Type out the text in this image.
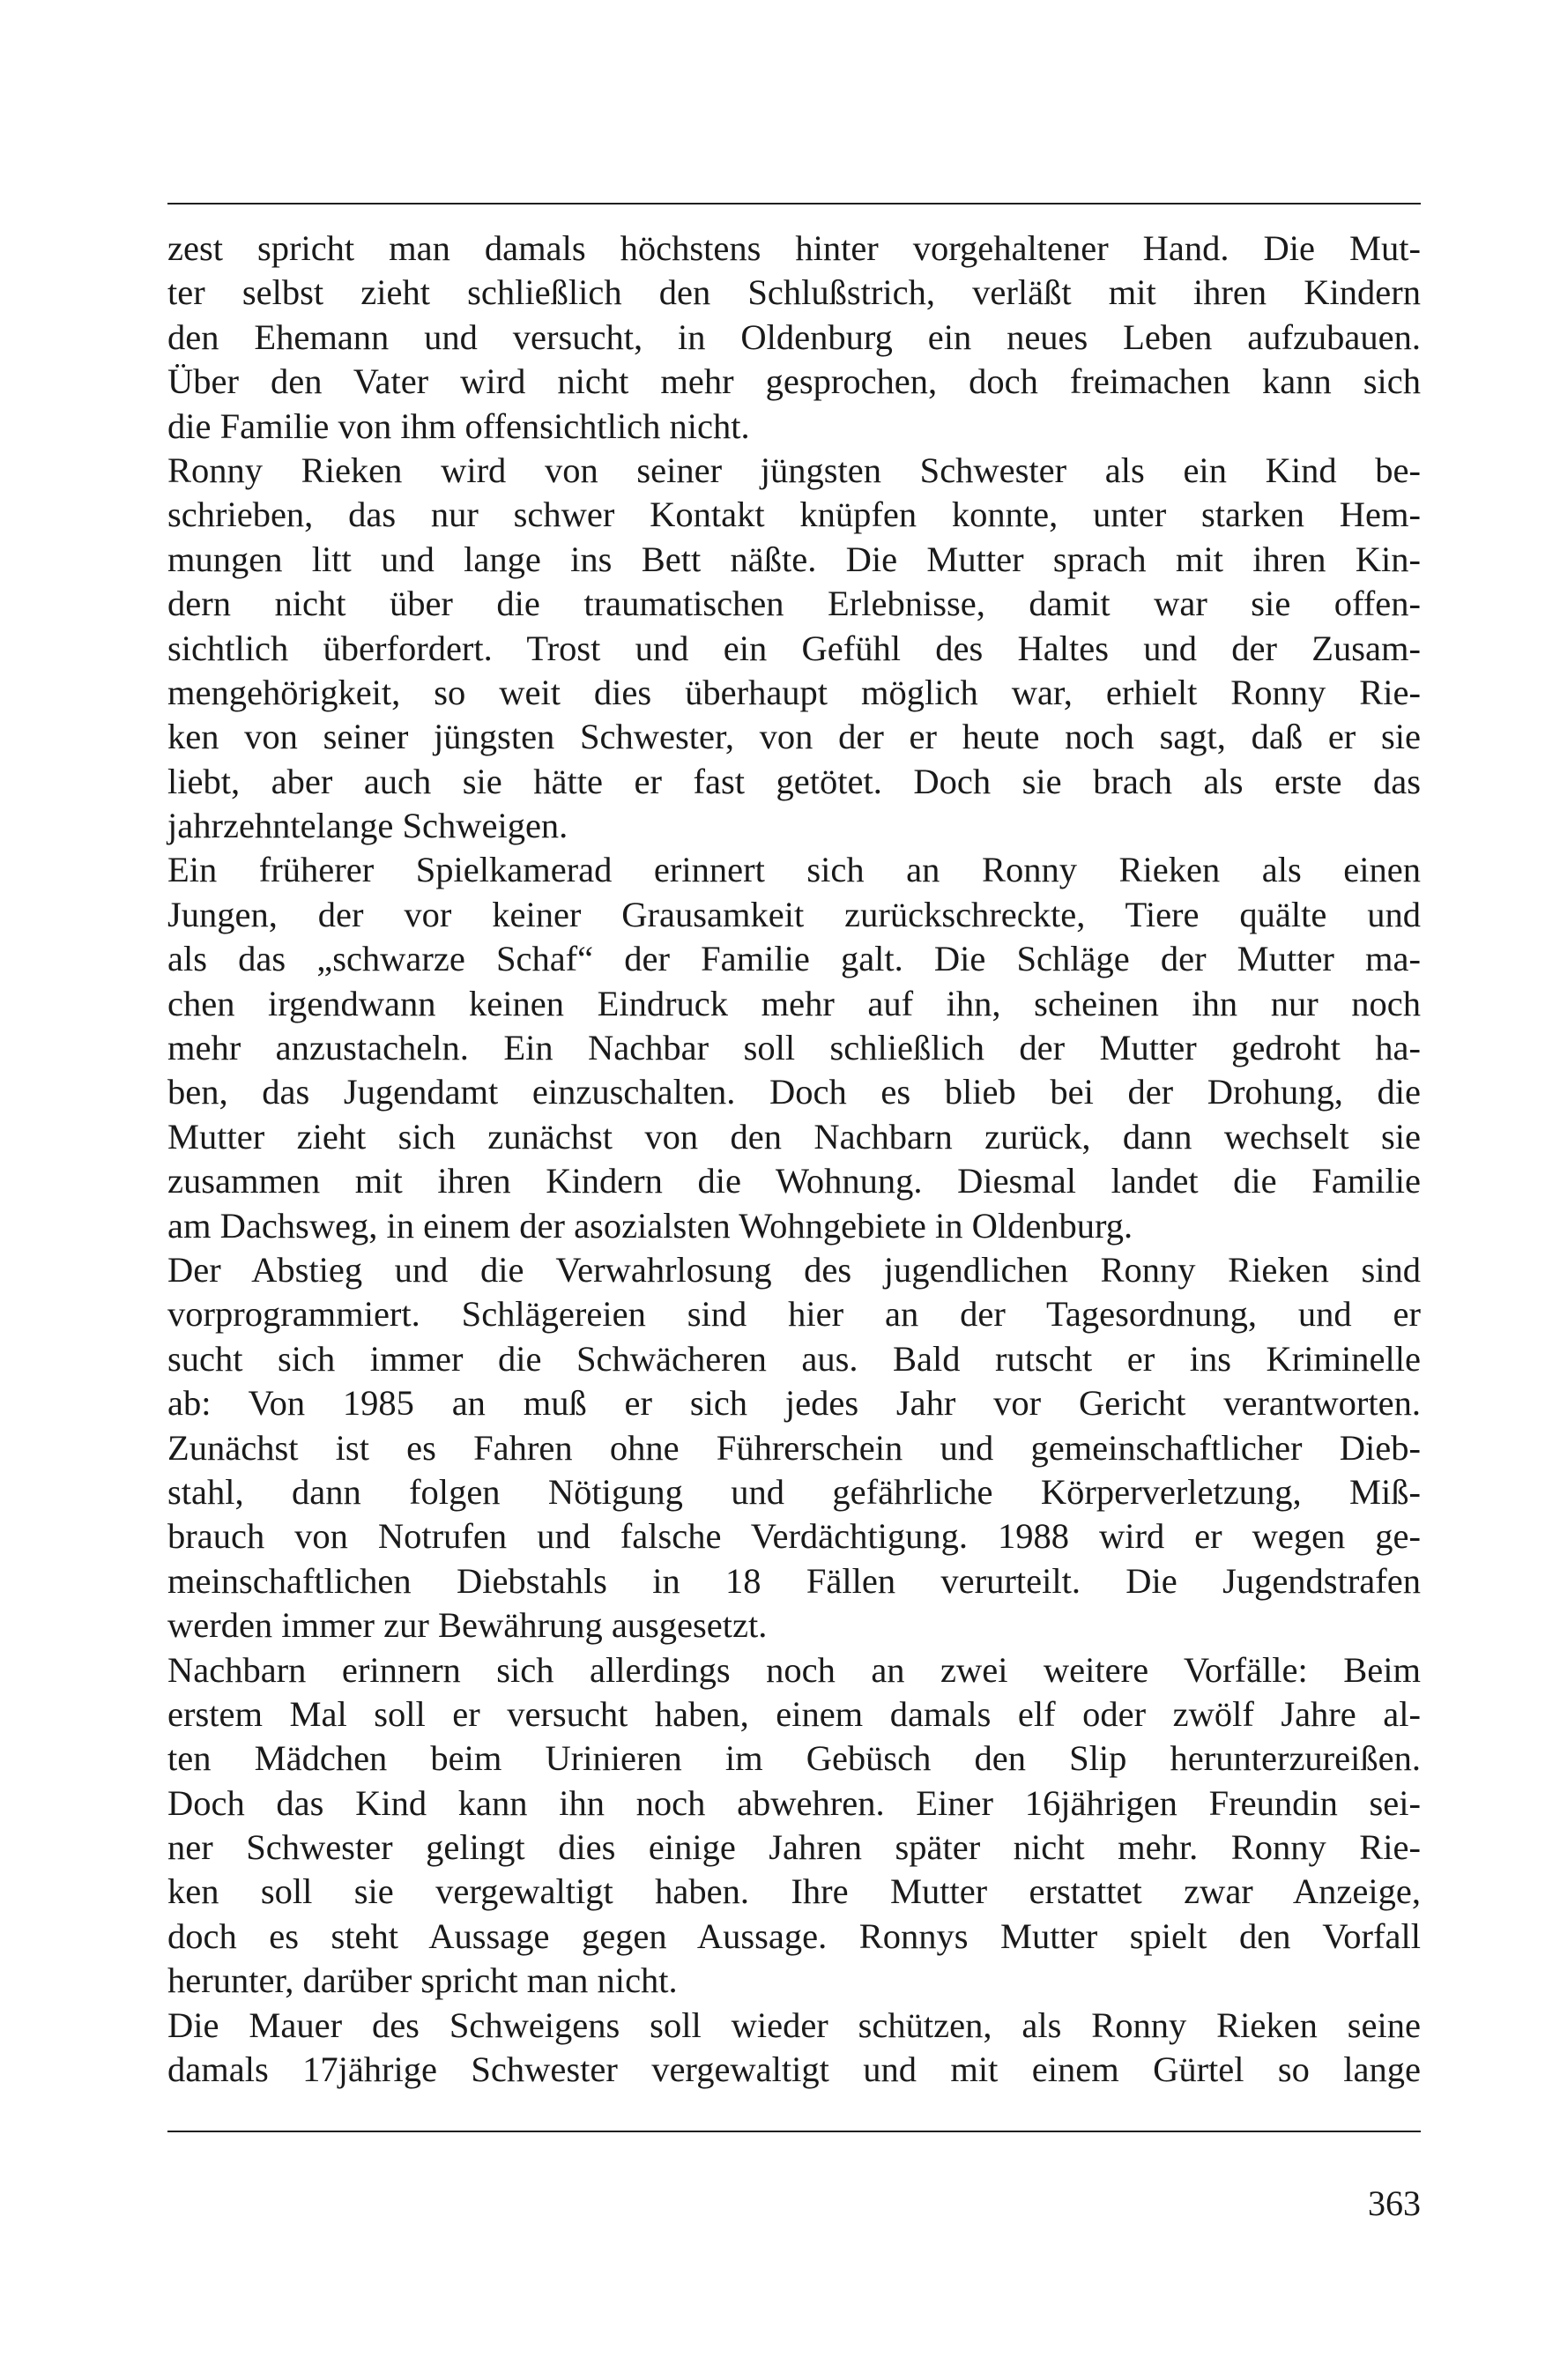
zest spricht man damals höchstens hinter vorgehaltener Hand. Die Mut-
ter selbst zieht schließlich den Schlußstrich, verläßt mit ihren Kindern
den Ehemann und versucht, in Oldenburg ein neues Leben aufzubauen.
Über den Vater wird nicht mehr gesprochen, doch freimachen kann sich
die Familie von ihm offensichtlich nicht.
Ronny Rieken wird von seiner jüngsten Schwester als ein Kind be-
schrieben, das nur schwer Kontakt knüpfen konnte, unter starken Hem-
mungen litt und lange ins Bett näßte. Die Mutter sprach mit ihren Kin-
dern nicht über die traumatischen Erlebnisse, damit war sie offen-
sichtlich überfordert. Trost und ein Gefühl des Haltes und der Zusam-
mengehörigkeit, so weit dies überhaupt möglich war, erhielt Ronny Rie-
ken von seiner jüngsten Schwester, von der er heute noch sagt, daß er sie
liebt, aber auch sie hätte er fast getötet. Doch sie brach als erste das
jahrzehntelange Schweigen.
Ein früherer Spielkamerad erinnert sich an Ronny Rieken als einen
Jungen, der vor keiner Grausamkeit zurückschreckte, Tiere quälte und
als das „schwarze Schaf“ der Familie galt. Die Schläge der Mutter ma-
chen irgendwann keinen Eindruck mehr auf ihn, scheinen ihn nur noch
mehr anzustacheln. Ein Nachbar soll schließlich der Mutter gedroht ha-
ben, das Jugendamt einzuschalten. Doch es blieb bei der Drohung, die
Mutter zieht sich zunächst von den Nachbarn zurück, dann wechselt sie
zusammen mit ihren Kindern die Wohnung. Diesmal landet die Familie
am Dachsweg, in einem der asozialsten Wohngebiete in Oldenburg.
Der Abstieg und die Verwahrlosung des jugendlichen Ronny Rieken sind
vorprogrammiert. Schlägereien sind hier an der Tagesordnung, und er
sucht sich immer die Schwächeren aus. Bald rutscht er ins Kriminelle
ab: Von 1985 an muß er sich jedes Jahr vor Gericht verantworten.
Zunächst ist es Fahren ohne Führerschein und gemeinschaftlicher Dieb-
stahl, dann folgen Nötigung und gefährliche Körperverletzung, Miß-
brauch von Notrufen und falsche Verdächtigung. 1988 wird er wegen ge-
meinschaftlichen Diebstahls in 18 Fällen verurteilt. Die Jugendstrafen
werden immer zur Bewährung ausgesetzt.
Nachbarn erinnern sich allerdings noch an zwei weitere Vorfälle: Beim
erstem Mal soll er versucht haben, einem damals elf oder zwölf Jahre al-
ten Mädchen beim Urinieren im Gebüsch den Slip herunterzureißen.
Doch das Kind kann ihn noch abwehren. Einer 16jährigen Freundin sei-
ner Schwester gelingt dies einige Jahren später nicht mehr. Ronny Rie-
ken soll sie vergewaltigt haben. Ihre Mutter erstattet zwar Anzeige,
doch es steht Aussage gegen Aussage. Ronnys Mutter spielt den Vorfall
herunter, darüber spricht man nicht.
Die Mauer des Schweigens soll wieder schützen, als Ronny Rieken seine
damals 17jährige Schwester vergewaltigt und mit einem Gürtel so lange
363
